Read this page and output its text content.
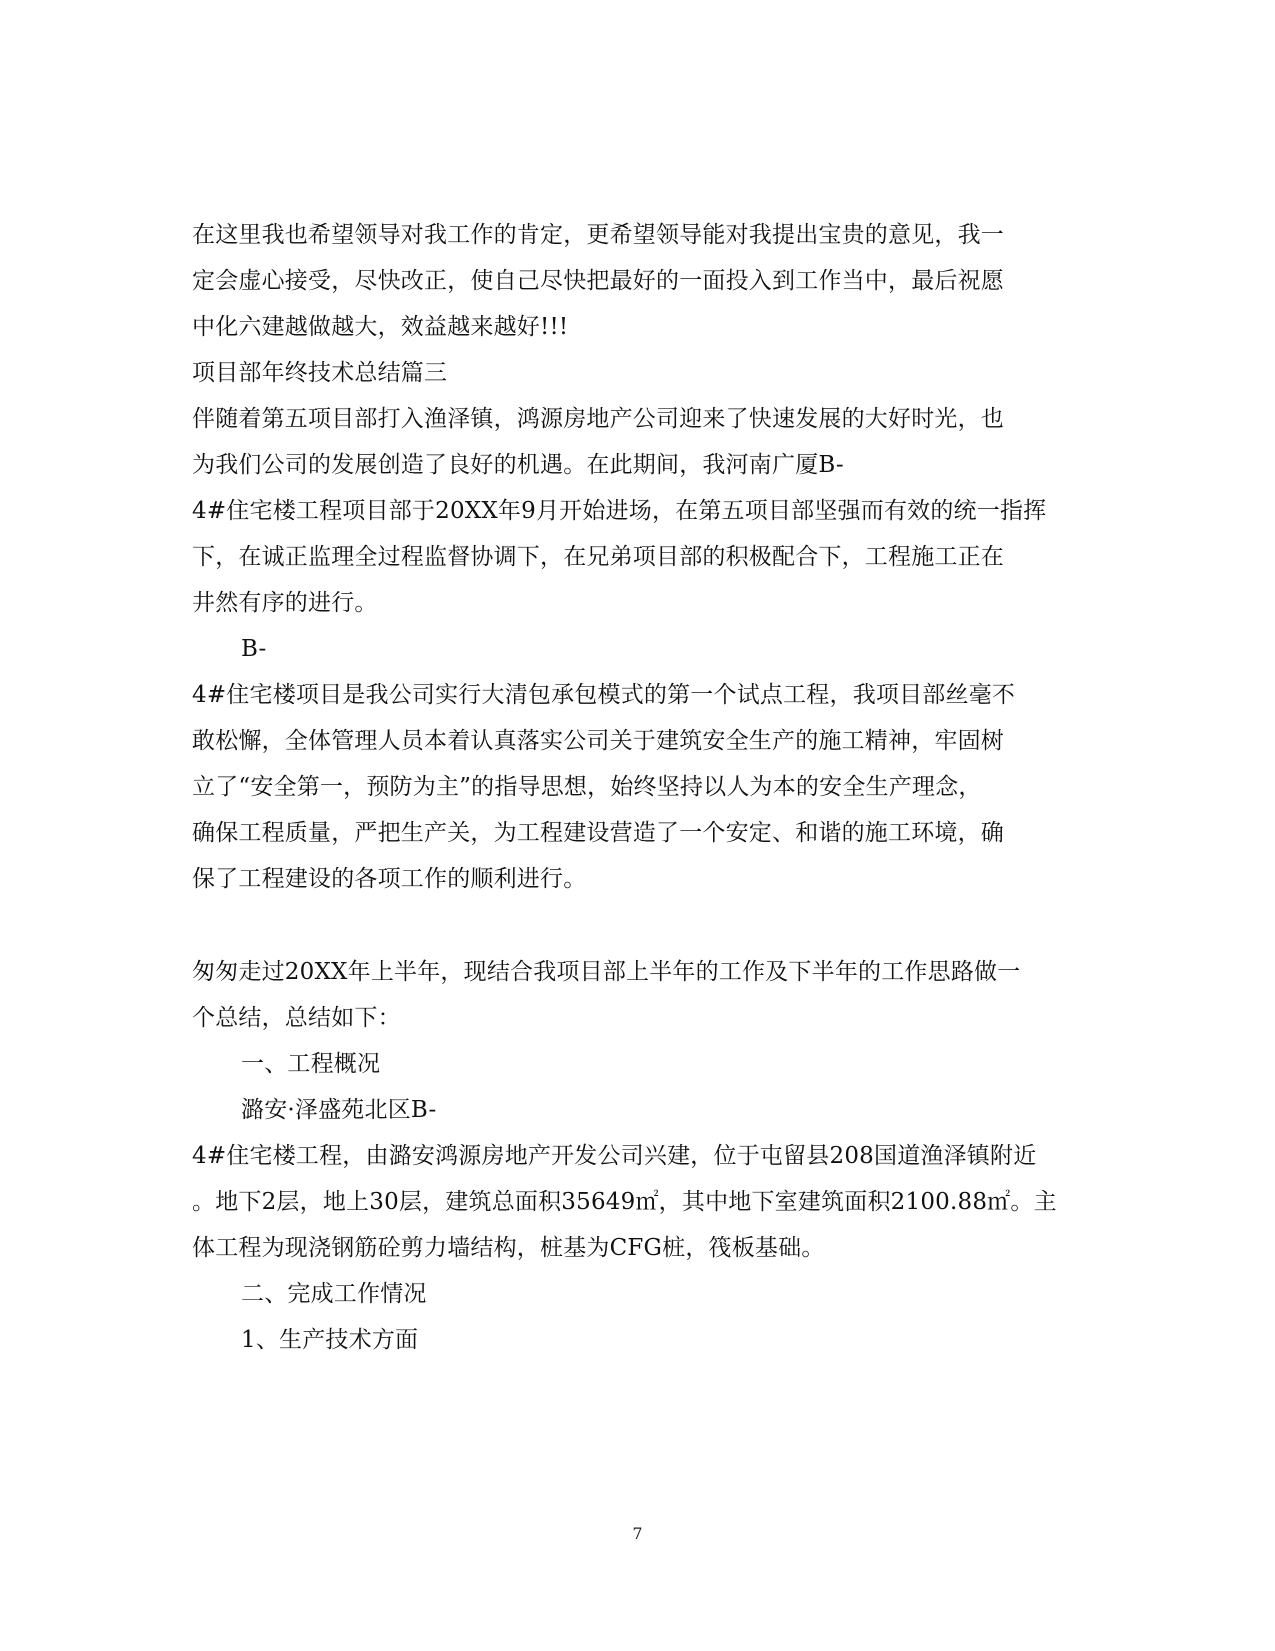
在这里我也希望领导对我工作的肯定，更希望领导能对我提出宝贵的意见，我一
定会虚心接受，尽快改正，使自己尽快把最好的一面投入到工作当中，最后祝愿
中化六建越做越大，效益越来越好!!!
项目部年终技术总结篇三
伴随着第五项目部打入渔泽镇，鸿源房地产公司迎来了快速发展的大好时光，也
为我们公司的发展创造了良好的机遇。在此期间，我河南广厦B-
4#住宅楼工程项目部于20XX年9月开始进场，在第五项目部坚强而有效的统一指挥
下，在诚正监理全过程监督协调下，在兄弟项目部的积极配合下，工程施工正在
井然有序的进行。
B-
4#住宅楼项目是我公司实行大清包承包模式的第一个试点工程，我项目部丝毫不
敢松懈，全体管理人员本着认真落实公司关于建筑安全生产的施工精神，牢固树
立了“安全第一，预防为主”的指导思想，始终坚持以人为本的安全生产理念，
确保工程质量，严把生产关，为工程建设营造了一个安定、和谐的施工环境，确
保了工程建设的各项工作的顺利进行。
匆匆走过20XX年上半年，现结合我项目部上半年的工作及下半年的工作思路做一
个总结，总结如下：
一、工程概况
潞安·泽盛苑北区B-
4#住宅楼工程，由潞安鸿源房地产开发公司兴建，位于屯留县208国道渔泽镇附近
。地下2层，地上30层，建筑总面积35649㎡，其中地下室建筑面积2100.88㎡。主
体工程为现浇钢筋砼剪力墙结构，桩基为CFG桩，筏板基础。
二、完成工作情况
1、生产技术方面
7
